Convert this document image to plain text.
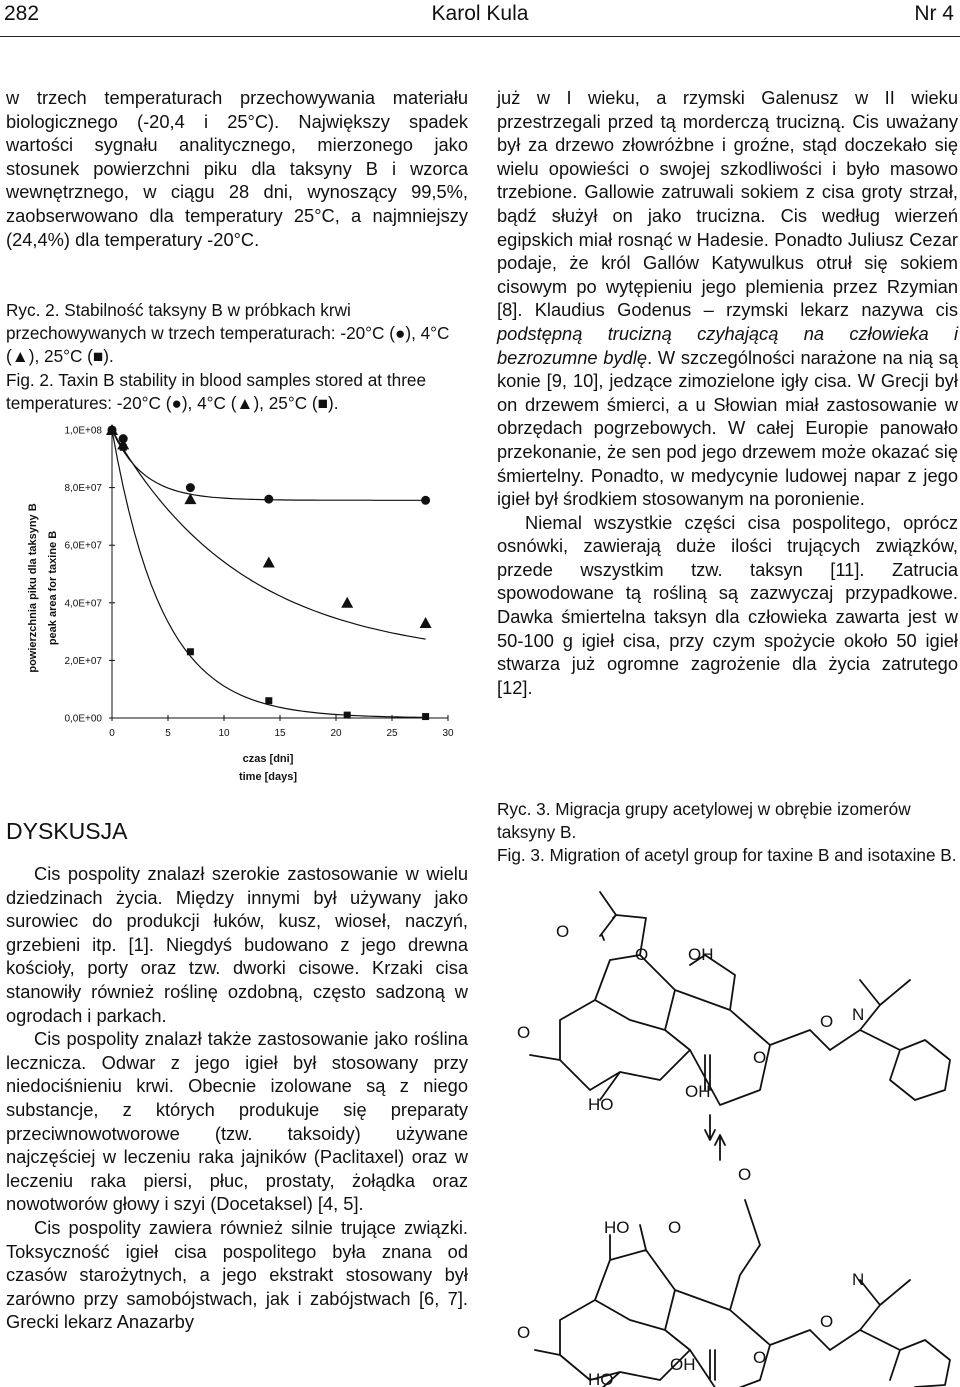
282	Karol Kula	Nr 4
w trzech temperaturach przechowywania materiału biologicznego (-20,4 i 25°C). Największy spadek wartości sygnału analitycznego, mierzonego jako stosunek powierzchni piku dla taksyny B i wzorca wewnętrznego, w ciągu 28 dni, wynoszący 99,5%, zaobserwowano dla temperatury 25°C, a najmniejszy (24,4%) dla temperatury -20°C.

Ryc. 2. Stabilność taksyny B w próbkach krwi przechowywanych w trzech temperaturach: -20°C (●), 4°C (▲), 25°C (■).

Fig. 2. Taxin B stability in blood samples stored at three temperatures: -20°C (●), 4°C (▲), 25°C (■).

0,0E+00
2,0E+07
4,0E+07
6,0E+07
8,0E+07
1,0E+08
0	5	10	15	20	25	30
czas [dni]
time [days]
powierzchnia piku dla taksyny B peak area for taxine B
DYSKUSJA

Cis pospolity znalazł szerokie zastosowanie w wielu dziedzinach życia. Między innymi był używany jako surowiec do produkcji łuków, kusz, wioseł, naczyń, grzebieni itp. [1]. Niegdyś budowano z jego drewna kościoły, porty oraz tzw. dworki cisowe. Krzaki cisa stanowiły również roślinę ozdobną, często sadzoną w ogrodach i parkach.

Cis pospolity znalazł także zastosowanie jako roślina lecznicza. Odwar z jego igieł był stosowany przy niedociśnieniu krwi. Obecnie izolowane są z niego substancje, z których produkuje się preparaty przeciwnowotworowe (tzw. taksoidy) używane najczęściej w leczeniu raka jajników (Paclitaxel) oraz w leczeniu raka piersi, płuc, prostaty, żołądka oraz nowotworów głowy i szyi (Docetaksel) [4, 5].

Cis pospolity zawiera również silnie trujące związki. Toksyczność igieł cisa pospolitego była znana od czasów starożytnych, a jego ekstrakt stosowany był zarówno przy samobójstwach, jak i zabójstwach [6, 7]. Grecki lekarz Anazarby

już w I wieku, a rzymski Galenusz w II wieku przestrzegali przed tą morderczą trucizną. Cis uważany był za drzewo złowróżbne i groźne, stąd doczekało się wielu opowieści o swojej szkodliwości i było masowo trzebione. Gallowie zatruwali sokiem z cisa groty strzał, bądź służył on jako trucizna. Cis według wierzeń egipskich miał rosnąć w Hadesie. Ponadto Juliusz Cezar podaje, że król Gallów Katywulkus otruł się sokiem cisowym po wytępieniu jego plemienia przez Rzymian [8]. Klaudius Godenus – rzymski lekarz nazywa cis podstępną trucizną czyhającą na człowieka i bezrozumne bydlę. W szczególności narażone na nią są konie [9, 10], jedzące zimozielone igły cisa. W Grecji był on drzewem śmierci, a u Słowian miał zastosowanie w obrzędach pogrzebowych. W całej Europie panowało przekonanie, że sen pod jego drzewem może okazać się śmiertelny. Ponadto, w medycynie ludowej napar z jego igieł był środkiem stosowanym na poronienie.

Niemal wszystkie części cisa pospolitego, oprócz osnówki, zawierają duże ilości trujących związków, przede wszystkim tzw. taksyn [11]. Zatrucia spowodowane tą rośliną są zazwyczaj przypadkowe. Dawka śmiertelna taksyn dla człowieka zawarta jest w 50-100 g igieł cisa, przy czym spożycie około 50 igieł stwarza już ogromne zagrożenie dla życia zatrutego [12].

Ryc. 3. Migracja grupy acetylowej w obrębie izomerów taksyny B.

Fig. 3. Migration of acetyl group for taxine B and isotaxine B.

O
O OH
O N
O
O
HO
OH
O
HO O
O
N
O
O
HO
OH
